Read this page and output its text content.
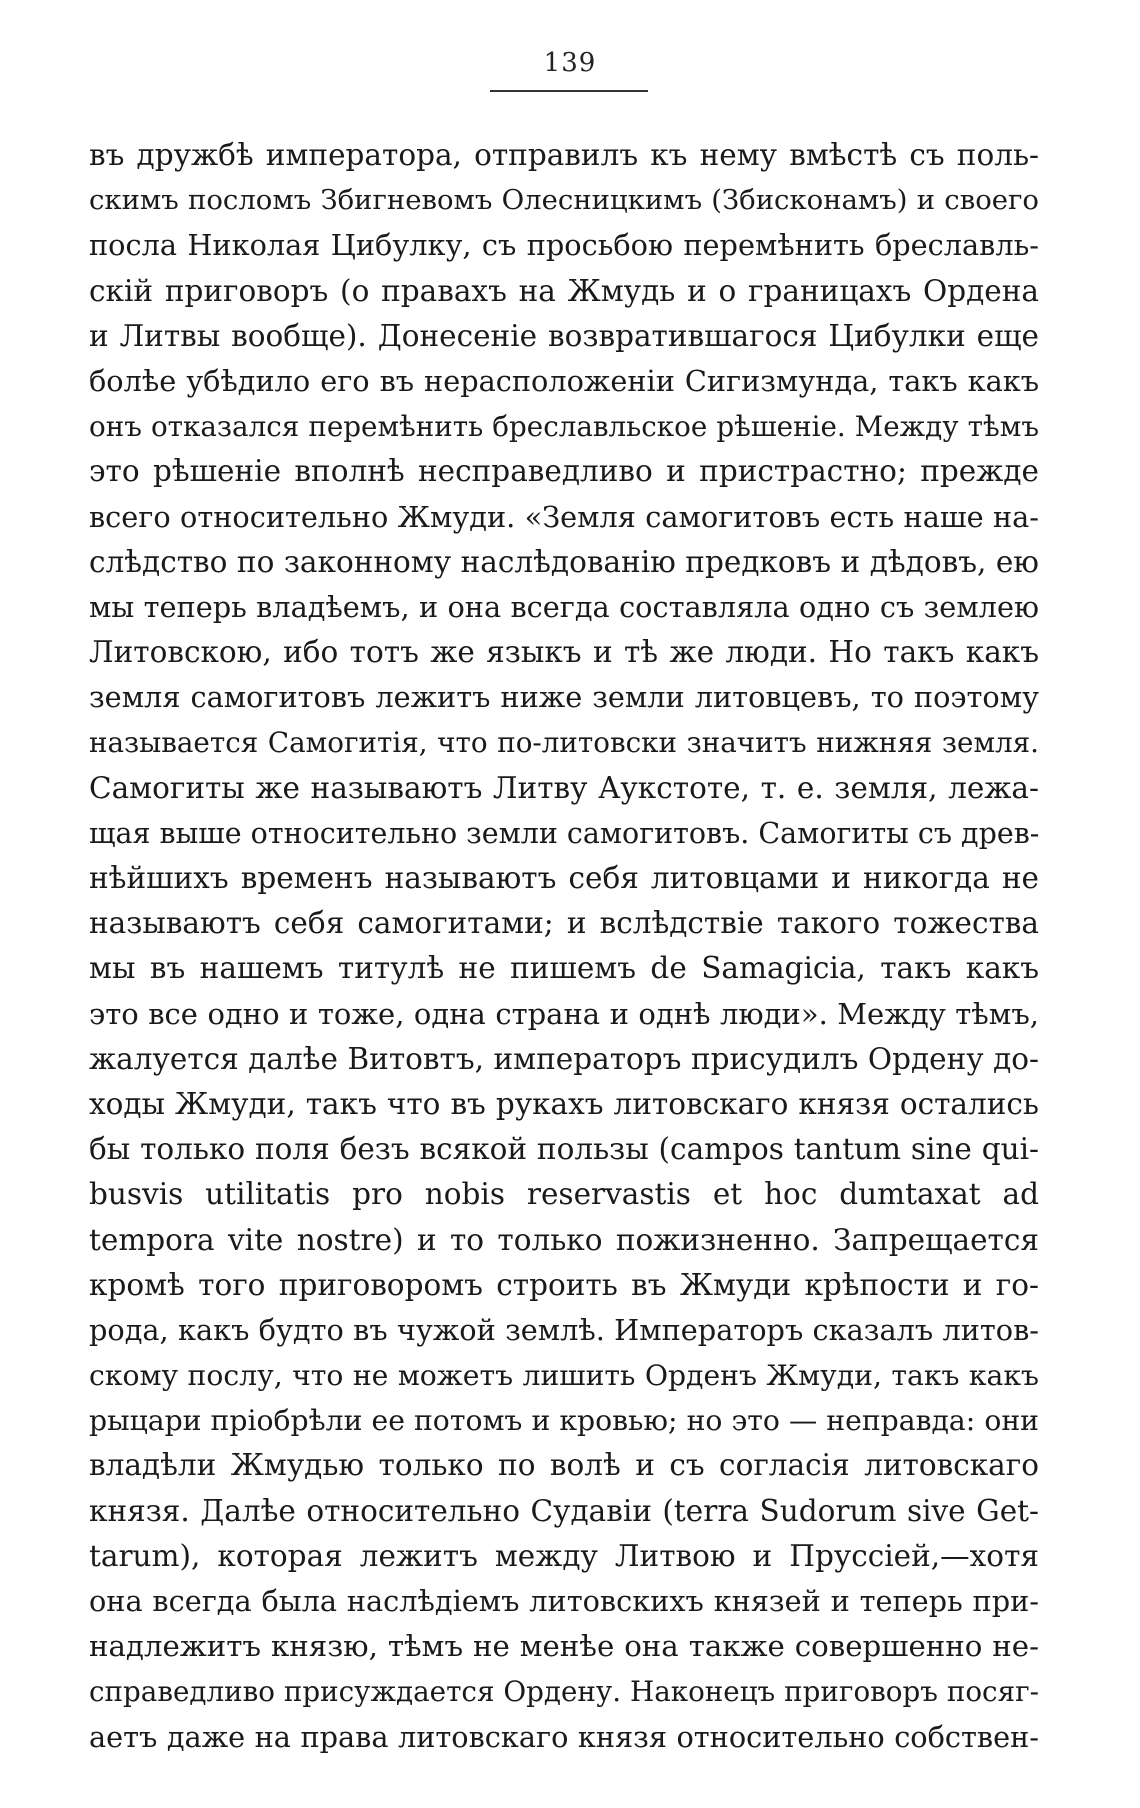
139
въ дружбѣ императора, отправилъ къ нему вмѣстѣ съ поль-
скимъ посломъ Збигневомъ Олесницкимъ (Збисконамъ) и своего
посла Николая Цибулку, съ просьбою перемѣнить бреславль-
скій приговоръ (о правахъ на Жмудь и о границахъ Ордена
и Литвы вообще). Донесеніе возвратившагося Цибулки еще
болѣе убѣдило его въ нерасположеніи Сигизмунда, такъ какъ
онъ отказался перемѣнить бреславльское рѣшеніе. Между тѣмъ
это рѣшеніе вполнѣ несправедливо и пристрастно; прежде
всего относительно Жмуди. «Земля самогитовъ есть наше на-
слѣдство по законному наслѣдованію предковъ и дѣдовъ, ею
мы теперь владѣемъ, и она всегда составляла одно съ землею
Литовскою, ибо тотъ же языкъ и тѣ же люди. Но такъ какъ
земля самогитовъ лежитъ ниже земли литовцевъ, то поэтому
называется Самогитія, что по-литовски значитъ нижняя земля.
Самогиты же называютъ Литву Аукстоте, т. е. земля, лежа-
щая выше относительно земли самогитовъ. Самогиты съ древ-
нѣйшихъ временъ называютъ себя литовцами и никогда не
называютъ себя самогитами; и вслѣдствіе такого тожества
мы въ нашемъ титулѣ не пишемъ de Samagicia, такъ какъ
это все одно и тоже, одна страна и однѣ люди». Между тѣмъ,
жалуется далѣе Витовтъ, императоръ присудилъ Ордену до-
ходы Жмуди, такъ что въ рукахъ литовскаго князя остались
бы только поля безъ всякой пользы (campos tantum sine qui-
busvis utilitatis pro nobis reservastis et hoc dumtaxat ad
tempora vite nostre) и то только пожизненно. Запрещается
кромѣ того приговоромъ строить въ Жмуди крѣпости и го-
рода, какъ будто въ чужой землѣ. Императоръ сказалъ литов-
скому послу, что не можетъ лишить Орденъ Жмуди, такъ какъ
рыцари пріобрѣли ее потомъ и кровью; но это — неправда: они
владѣли Жмудью только по волѣ и съ согласія литовскаго
князя. Далѣе относительно Судавіи (terra Sudorum sive Get-
tarum), которая лежитъ между Литвою и Пруссіей,—хотя
она всегда была наслѣдіемъ литовскихъ князей и теперь при-
надлежитъ князю, тѣмъ не менѣе она также совершенно не-
справедливо присуждается Ордену. Наконецъ приговоръ посяг-
аетъ даже на права литовскаго князя относительно собствен-
